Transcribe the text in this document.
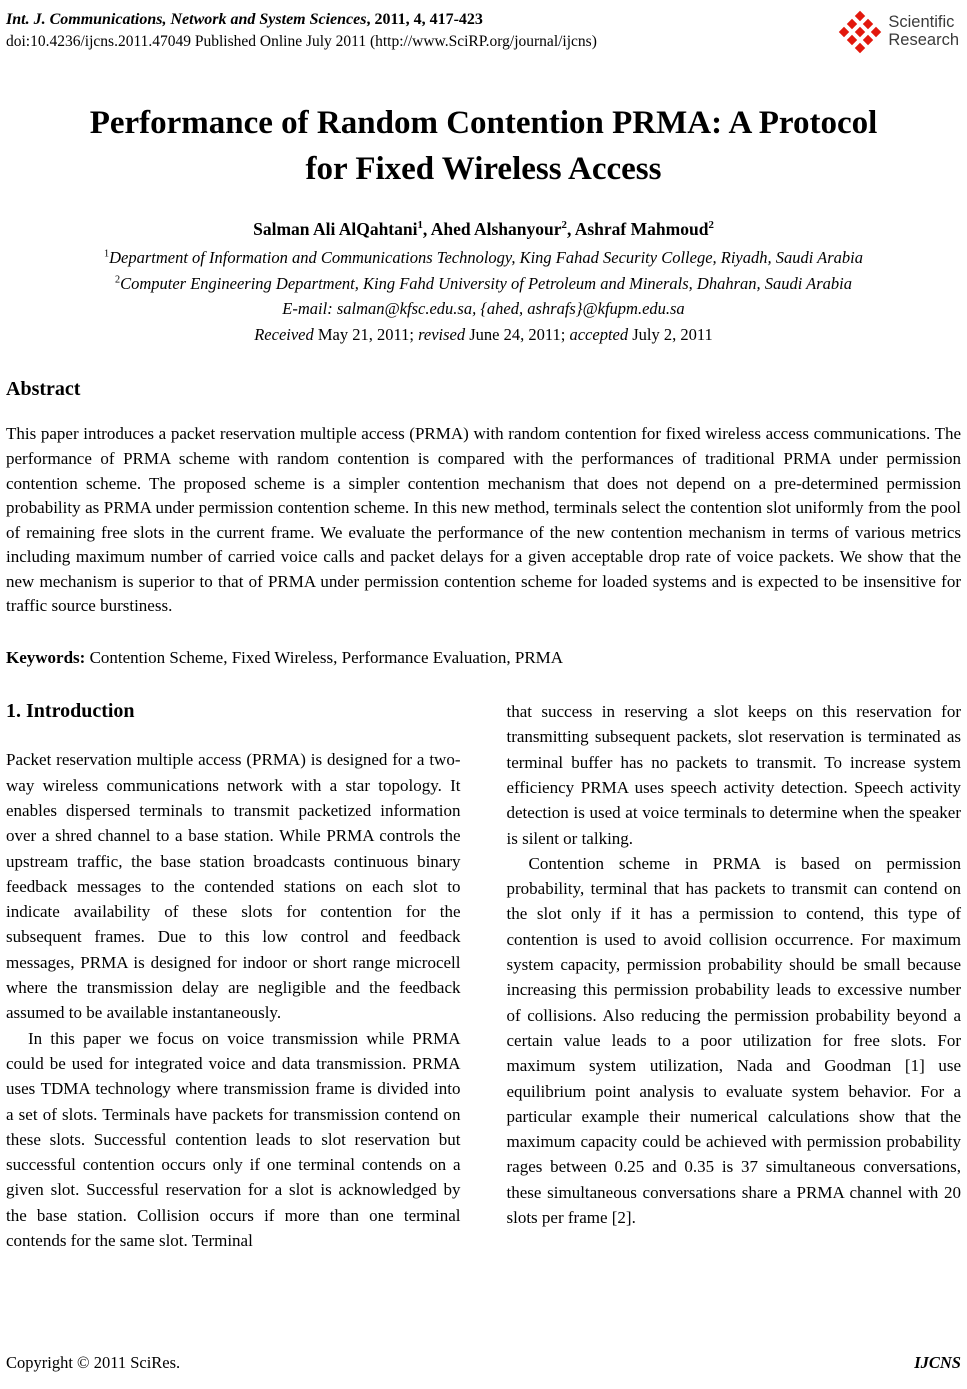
Int. J. Communications, Network and System Sciences, 2011, 4, 417-423
doi:10.4236/ijcns.2011.47049 Published Online July 2011 (http://www.SciRP.org/journal/ijcns)
Scientific
Research
Performance of Random Contention PRMA: A Protocol
for Fixed Wireless Access
Salman Ali AlQahtani$^1$, Ahed Alshanyour$^2$, Ashraf Mahmoud$^2$
$^1$Department of Information and Communications Technology, King Fahad Security College, Riyadh, Saudi Arabia
$^2$Computer Engineering Department, King Fahd University of Petroleum and Minerals, Dhahran, Saudi Arabia
E-mail: salman@kfsc.edu.sa, {ahed, ashrafs}@kfupm.edu.sa
Received May 21, 2011; revised June 24, 2011; accepted July 2, 2011
Abstract
This paper introduces a packet reservation multiple access (PRMA) with random contention for fixed wireless access communications. The performance of PRMA scheme with random contention is compared with the performances of traditional PRMA under permission contention scheme. The proposed scheme is a simpler contention mechanism that does not depend on a pre-determined permission probability as PRMA under permission contention scheme. In this new method, terminals select the contention slot uniformly from the pool of remaining free slots in the current frame. We evaluate the performance of the new contention mechanism in terms of various metrics including maximum number of carried voice calls and packet delays for a given acceptable drop rate of voice packets. We show that the new mechanism is superior to that of PRMA under permission contention scheme for loaded systems and is expected to be insensitive for traffic source burstiness.
Keywords: Contention Scheme, Fixed Wireless, Performance Evaluation, PRMA
1. Introduction

Packet reservation multiple access (PRMA) is designed for a two-way wireless communications network with a star topology. It enables dispersed terminals to transmit packetized information over a shred channel to a base station. While PRMA controls the upstream traffic, the base station broadcasts continuous binary feedback messages to the contended stations on each slot to indicate availability of these slots for contention for the subsequent frames. Due to this low control and feedback messages, PRMA is designed for indoor or short range microcell where the transmission delay are negligible and the feedback assumed to be available instantaneously.

In this paper we focus on voice transmission while PRMA could be used for integrated voice and data transmission. PRMA uses TDMA technology where transmission frame is divided into a set of slots. Terminals have packets for transmission contend on these slots. Successful contention leads to slot reservation but successful contention occurs only if one terminal contends on a given slot. Successful reservation for a slot is acknowledged by the base station. Collision occurs if more than one terminal contends for the same slot. Terminal

that success in reserving a slot keeps on this reservation for transmitting subsequent packets, slot reservation is terminated as terminal buffer has no packets to transmit. To increase system efficiency PRMA uses speech activity detection. Speech activity detection is used at voice terminals to determine when the speaker is silent or talking.

Contention scheme in PRMA is based on permission probability, terminal that has packets to transmit can contend on the slot only if it has a permission to contend, this type of contention is used to avoid collision occurrence. For maximum system capacity, permission probability should be small because increasing this permission probability leads to excessive number of collisions. Also reducing the permission probability beyond a certain value leads to a poor utilization for free slots. For maximum system utilization, Nada and Goodman [1] use equilibrium point analysis to evaluate system behavior. For a particular example their numerical calculations show that the maximum capacity could be achieved with permission probability rages between 0.25 and 0.35 is 37 simultaneous conversations, these simultaneous conversations share a PRMA channel with 20 slots per frame [2].

Copyright © 2011 SciRes.	IJCNS
